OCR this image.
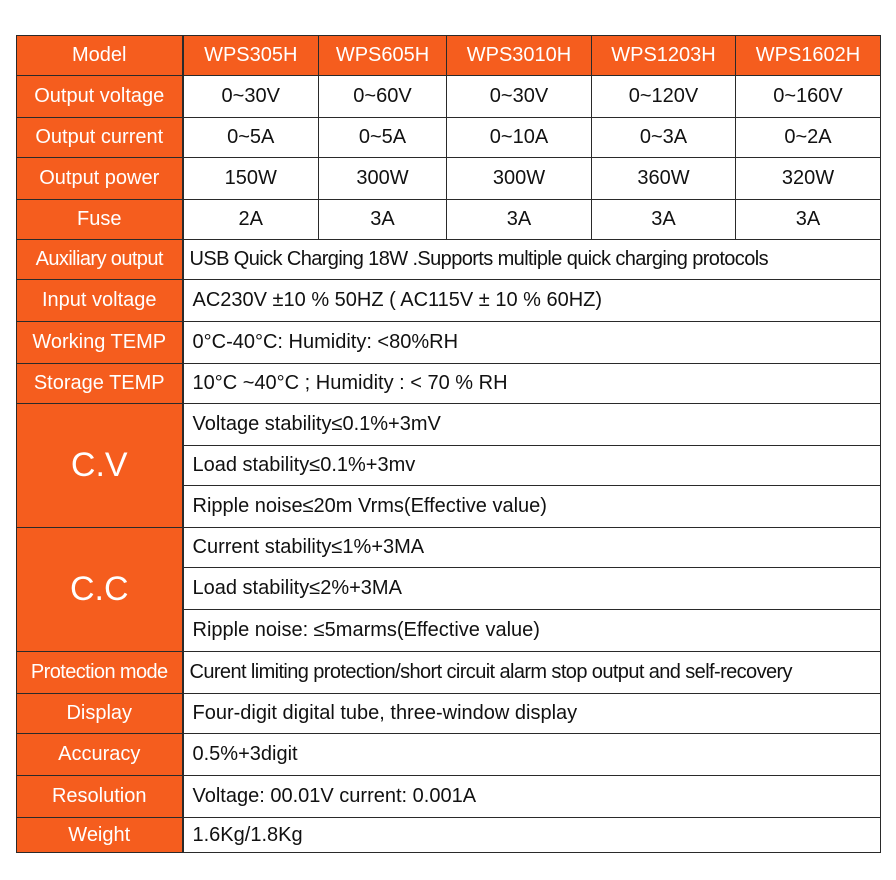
Model	WPS305H	WPS605H	WPS3010H	WPS1203H	WPS1602H
Output voltage	0~30V	0~60V	0~30V	0~120V	0~160V
Output current	0~5A	0~5A	0~10A	0~3A	0~2A
Output power	150W	300W	300W	360W	320W
Fuse	2A	3A	3A	3A	3A
Auxiliary output	USB Quick Charging 18W .Supports multiple quick charging protocols				
Input voltage	AC230V ±10 % 50HZ ( AC115V ± 10 % 60HZ)				
Working TEMP	0°C-40°C: Humidity: <80%RH				
Storage TEMP	10°C ~40°C ; Humidity : < 70 % RH				
C.V	Voltage stability≤0.1%+3mV				
	Load stability≤0.1%+3mv				
	Ripple noise≤20m Vrms(Effective value)				
C.C	Current stability≤1%+3MA				
	Load stability≤2%+3MA				
	Ripple noise: ≤5marms(Effective value)				
Protection mode	Curent limiting protection/short circuit alarm stop output and self-recovery				
Display	Four-digit digital tube, three-window display				
Accuracy	0.5%+3digit				
Resolution	Voltage: 00.01V current: 0.001A				
Weight	1.6Kg/1.8Kg				
